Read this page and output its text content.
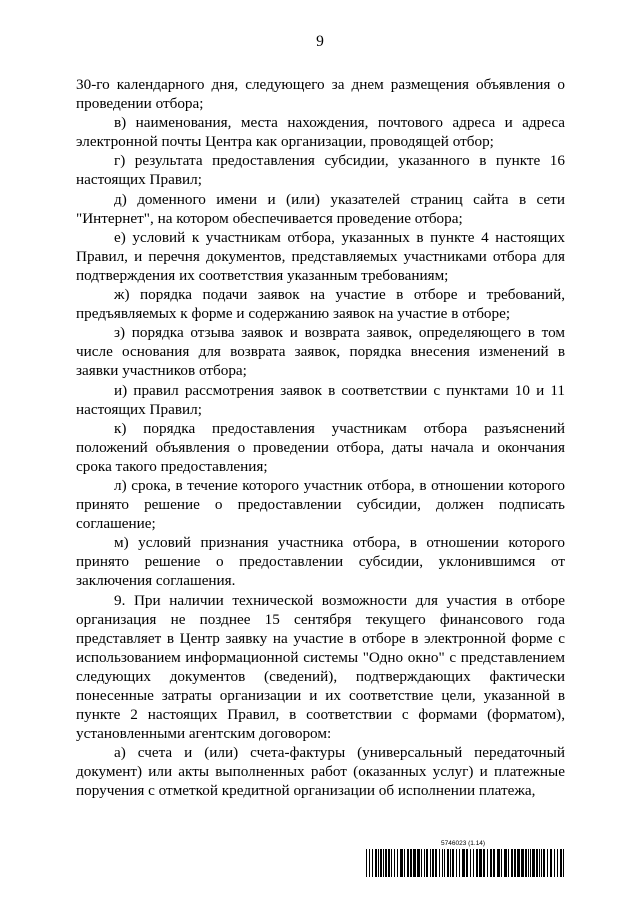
9

30-го календарного дня, следующего за днем размещения объявления о проведении отбора;

в) наименования, места нахождения, почтового адреса и адреса электронной почты Центра как организации, проводящей отбор;

г) результата предоставления субсидии, указанного в пункте 16 настоящих Правил;

д) доменного имени и (или) указателей страниц сайта в сети "Интернет", на котором обеспечивается проведение отбора;

е) условий к участникам отбора, указанных в пункте 4 настоящих Правил, и перечня документов, представляемых участниками отбора для подтверждения их соответствия указанным требованиям;

ж) порядка подачи заявок на участие в отборе и требований, предъявляемых к форме и содержанию заявок на участие в отборе;

з) порядка отзыва заявок и возврата заявок, определяющего в том числе основания для возврата заявок, порядка внесения изменений в заявки участников отбора;

и) правил рассмотрения заявок в соответствии с пунктами 10 и 11 настоящих Правил;

к) порядка предоставления участникам отбора разъяснений положений объявления о проведении отбора, даты начала и окончания срока такого предоставления;

л) срока, в течение которого участник отбора, в отношении которого принято решение о предоставлении субсидии, должен подписать соглашение;

м) условий признания участника отбора, в отношении которого принято решение о предоставлении субсидии, уклонившимся от заключения соглашения.

9. При наличии технической возможности для участия в отборе организация не позднее 15 сентября текущего финансового года представляет в Центр заявку на участие в отборе в электронной форме с использованием информационной системы "Одно окно" с представлением следующих документов (сведений), подтверждающих фактически понесенные затраты организации и их соответствие цели, указанной в пункте 2 настоящих Правил, в соответствии с формами (форматом), установленными агентским договором:

а) счета и (или) счета-фактуры (универсальный передаточный документ) или акты выполненных работ (оказанных услуг) и платежные поручения с отметкой кредитной организации об исполнении платежа,

5746023 (1.14)
